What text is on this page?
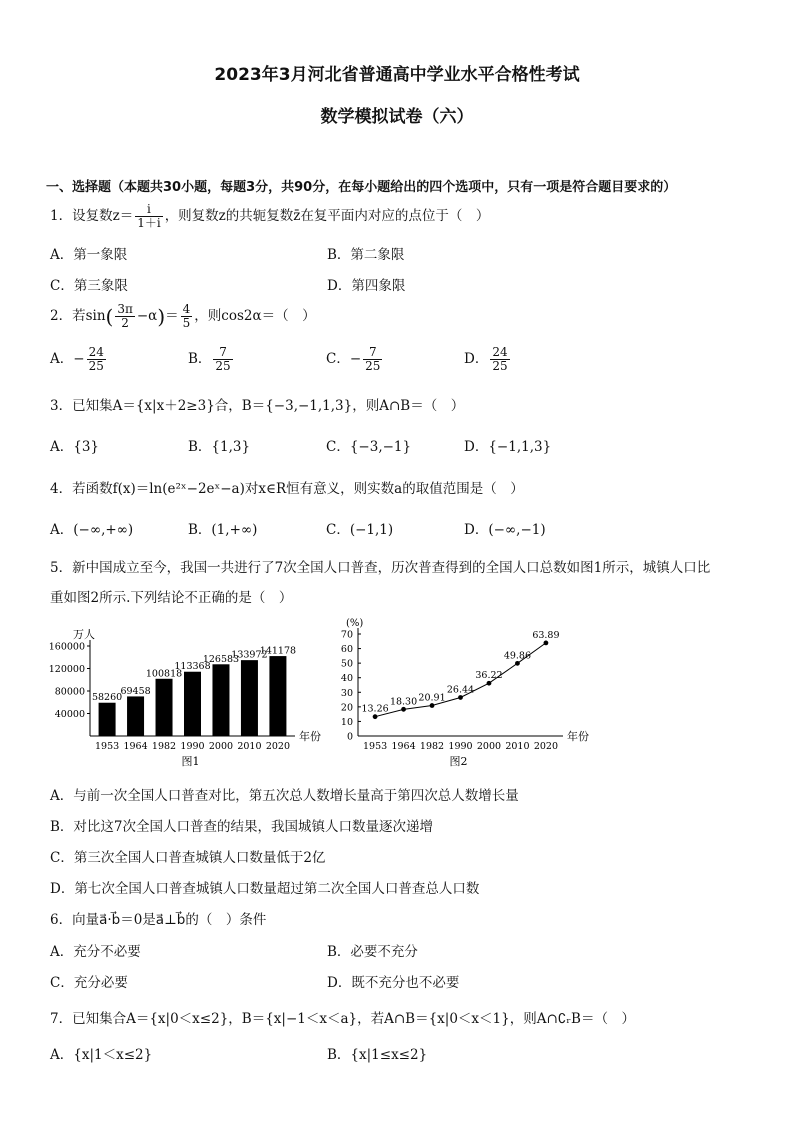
2023年3月河北省普通高中学业水平合格性考试
数学模拟试卷（六）
一、选择题（本题共30小题，每题3分，共90分，在每小题给出的四个选项中，只有一项是符合题目要求的）
1．设复数$z= \frac{i}{1+i}$ ，则复数z的共轭复数z̄在复平面内对应的点位于（　）
A．第一象限	B．第二象限
C．第三象限	D．第四象限
2．若$\sin( \frac{3\pi}{2} -\alpha)= \frac{4}{5}$ ，则cos2α＝（　）
A．− $\frac{24}{25}$	B． $\frac{7}{25}$	C．− $\frac{7}{25}$	D． $\frac{24}{25}$
3．已知集A＝{x|x＋2≥3}合，B＝{−3,−1,1,3}，则A∩B＝（　）
A．{3}	B．{1,3}	C．{−3,−1}	D．{−1,1,3}
4．若函数f(x)＝ln(e²ˣ−2eˣ−a)对x∈R恒有意义，则实数a的取值范围是（　）
A．(−∞,+∞)	B．(1,+∞)	C．(−1,1)	D．(−∞,−1)
5．新中国成立至今，我国一共进行了7次全国人口普查，历次普查得到的全国人口总数如图1所示，城镇人口比
重如图2所示.下列结论不正确的是（　）
万人
年份
40000
80000
120000
160000
58260
1953
69458
1964
100818
1982
113368
1990
126583
2000
133972
2010
141178
2020
图1
(%)
年份
0
10
20
30
40
50
60
70
13.26
1953
18.30
1964
20.91
1982
26.44
1990
36.22
2000
49.86
2010
63.89
2020
图2
A．与前一次全国人口普查对比，第五次总人数增长量高于第四次总人数增长量
B．对比这7次全国人口普查的结果，我国城镇人口数量逐次递增
C．第三次全国人口普查城镇人口数量低于2亿
D．第七次全国人口普查城镇人口数量超过第二次全国人口普查总人口数
6．向量a⃗·b⃗＝0是a⃗⊥b⃗的（　）条件
A．充分不必要	B．必要不充分
C．充分必要	D．既不充分也不必要
7．已知集合A＝{x|0＜x≤2}，B＝{x|−1＜x＜a}，若A∩B＝{x|0＜x＜1}，则A∩∁ᵣB＝（　）
A．{x|1＜x≤2}	B．{x|1≤x≤2}
